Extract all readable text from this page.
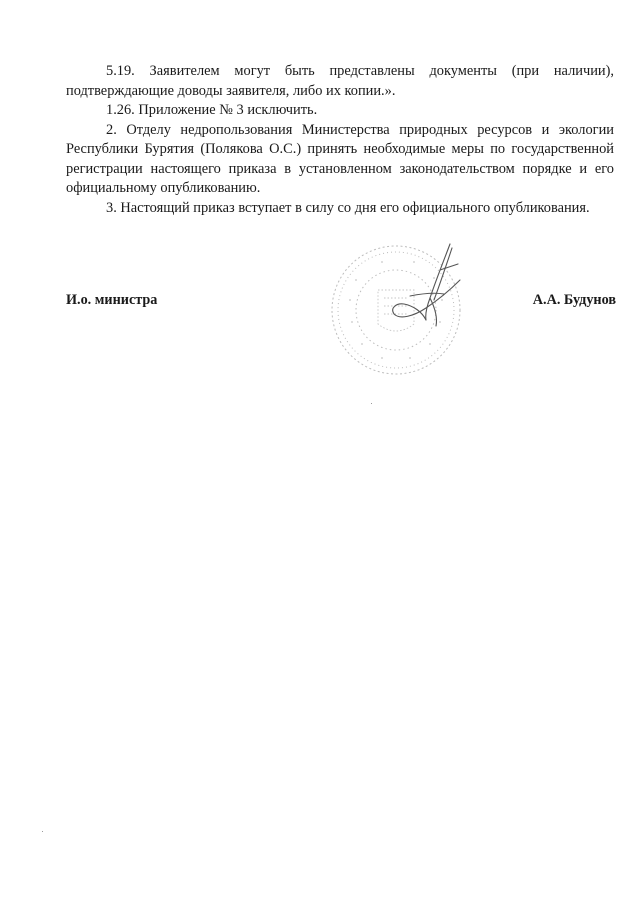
5.19. Заявителем могут быть представлены документы (при наличии), подтверждающие доводы заявителя, либо их копии.».

1.26. Приложение № 3 исключить.

2. Отделу недропользования Министерства природных ресурсов и экологии Республики Бурятия (Полякова О.С.) принять необходимые меры по государственной регистрации настоящего приказа в установленном законодательством порядке и его официальному опубликованию.

3. Настоящий приказ вступает в силу со дня его официального опубликования.

И.о. министра	А.А. Будунов
